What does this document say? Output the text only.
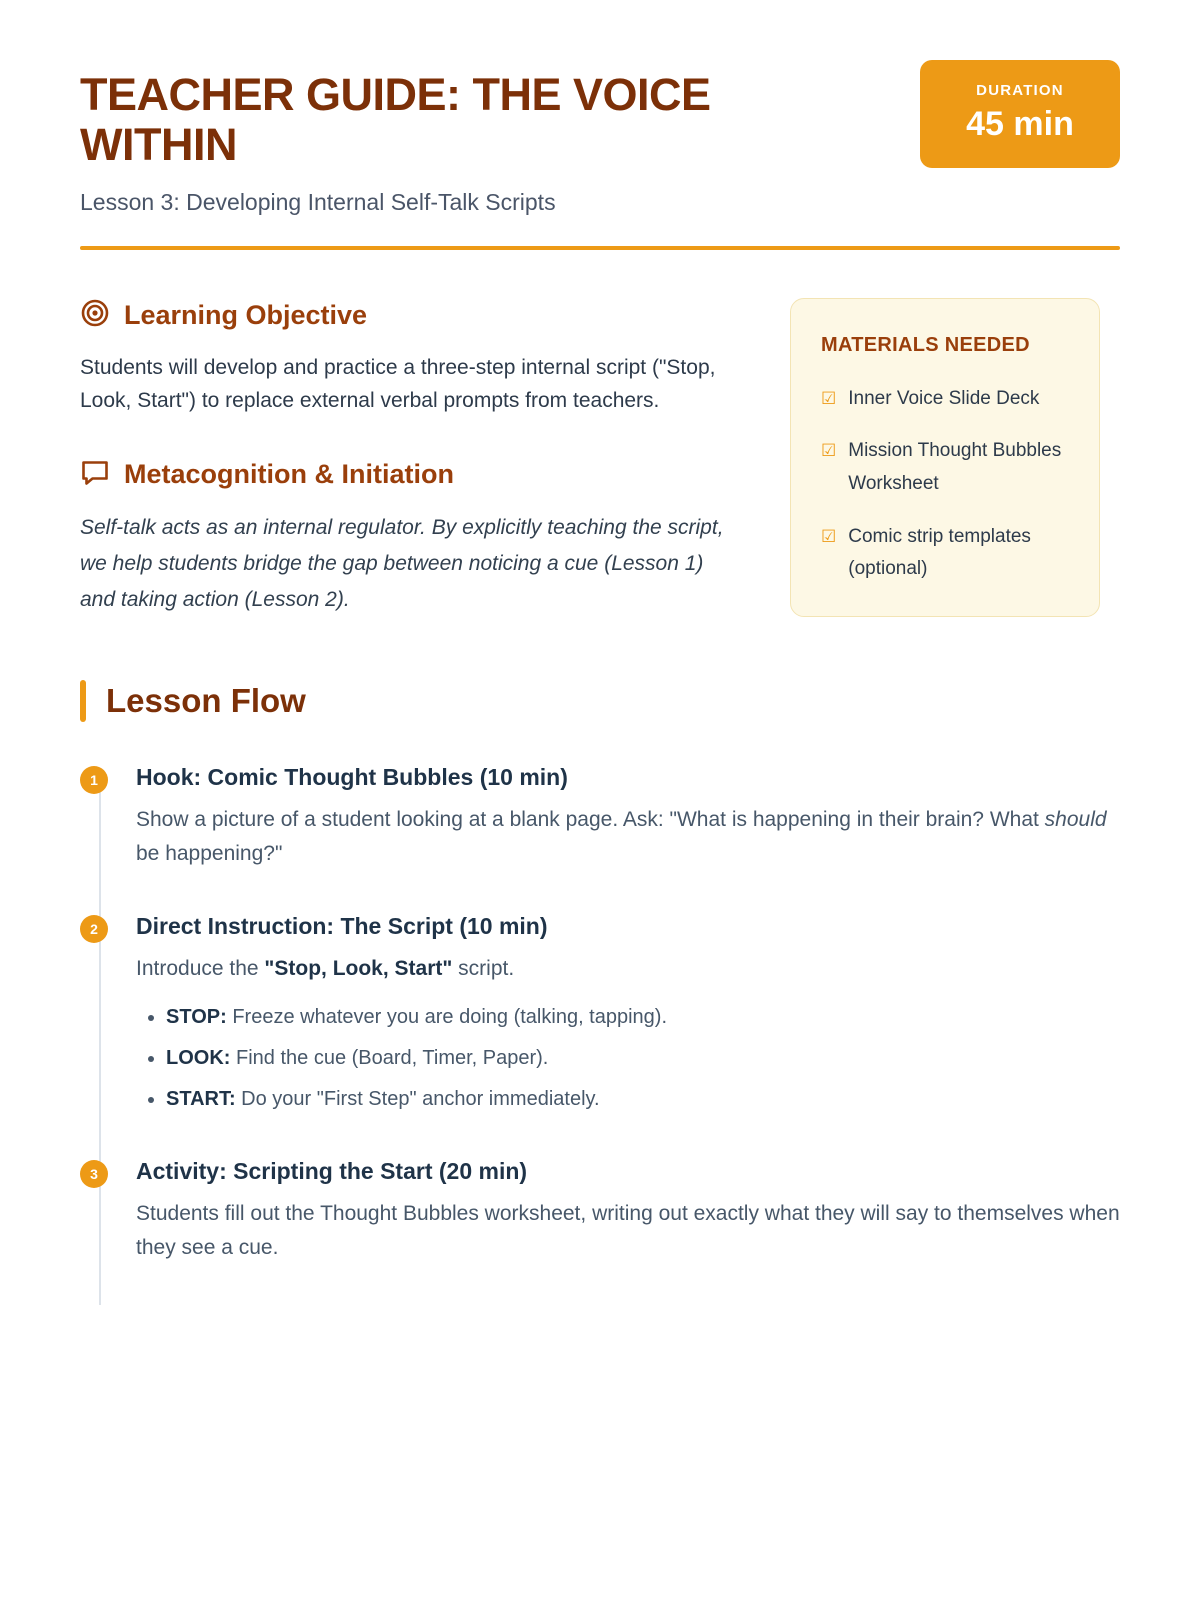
TEACHER GUIDE: THE VOICE WITHIN
Lesson 3: Developing Internal Self-Talk Scripts
DURATION
45 min
Learning Objective

Students will develop and practice a three-step internal script ("Stop, Look, Start") to replace external verbal prompts from teachers.

Metacognition & Initiation

Self-talk acts as an internal regulator. By explicitly teaching the script, we help students bridge the gap between noticing a cue (Lesson 1) and taking action (Lesson 2).

MATERIALS NEEDED
☑ Inner Voice Slide Deck
☑ Mission Thought Bubbles Worksheet
☑ Comic strip templates (optional)
Lesson Flow
1	Hook: Comic Thought Bubbles (10 min)
Show a picture of a student looking at a blank page. Ask: "What is happening in their brain? What should be happening?"
2	Direct Instruction: The Script (10 min)
Introduce the "Stop, Look, Start" script.
• STOP: Freeze whatever you are doing (talking, tapping).
• LOOK: Find the cue (Board, Timer, Paper).
• START: Do your "First Step" anchor immediately.
3	Activity: Scripting the Start (20 min)
Students fill out the Thought Bubbles worksheet, writing out exactly what they will say to themselves when they see a cue.
